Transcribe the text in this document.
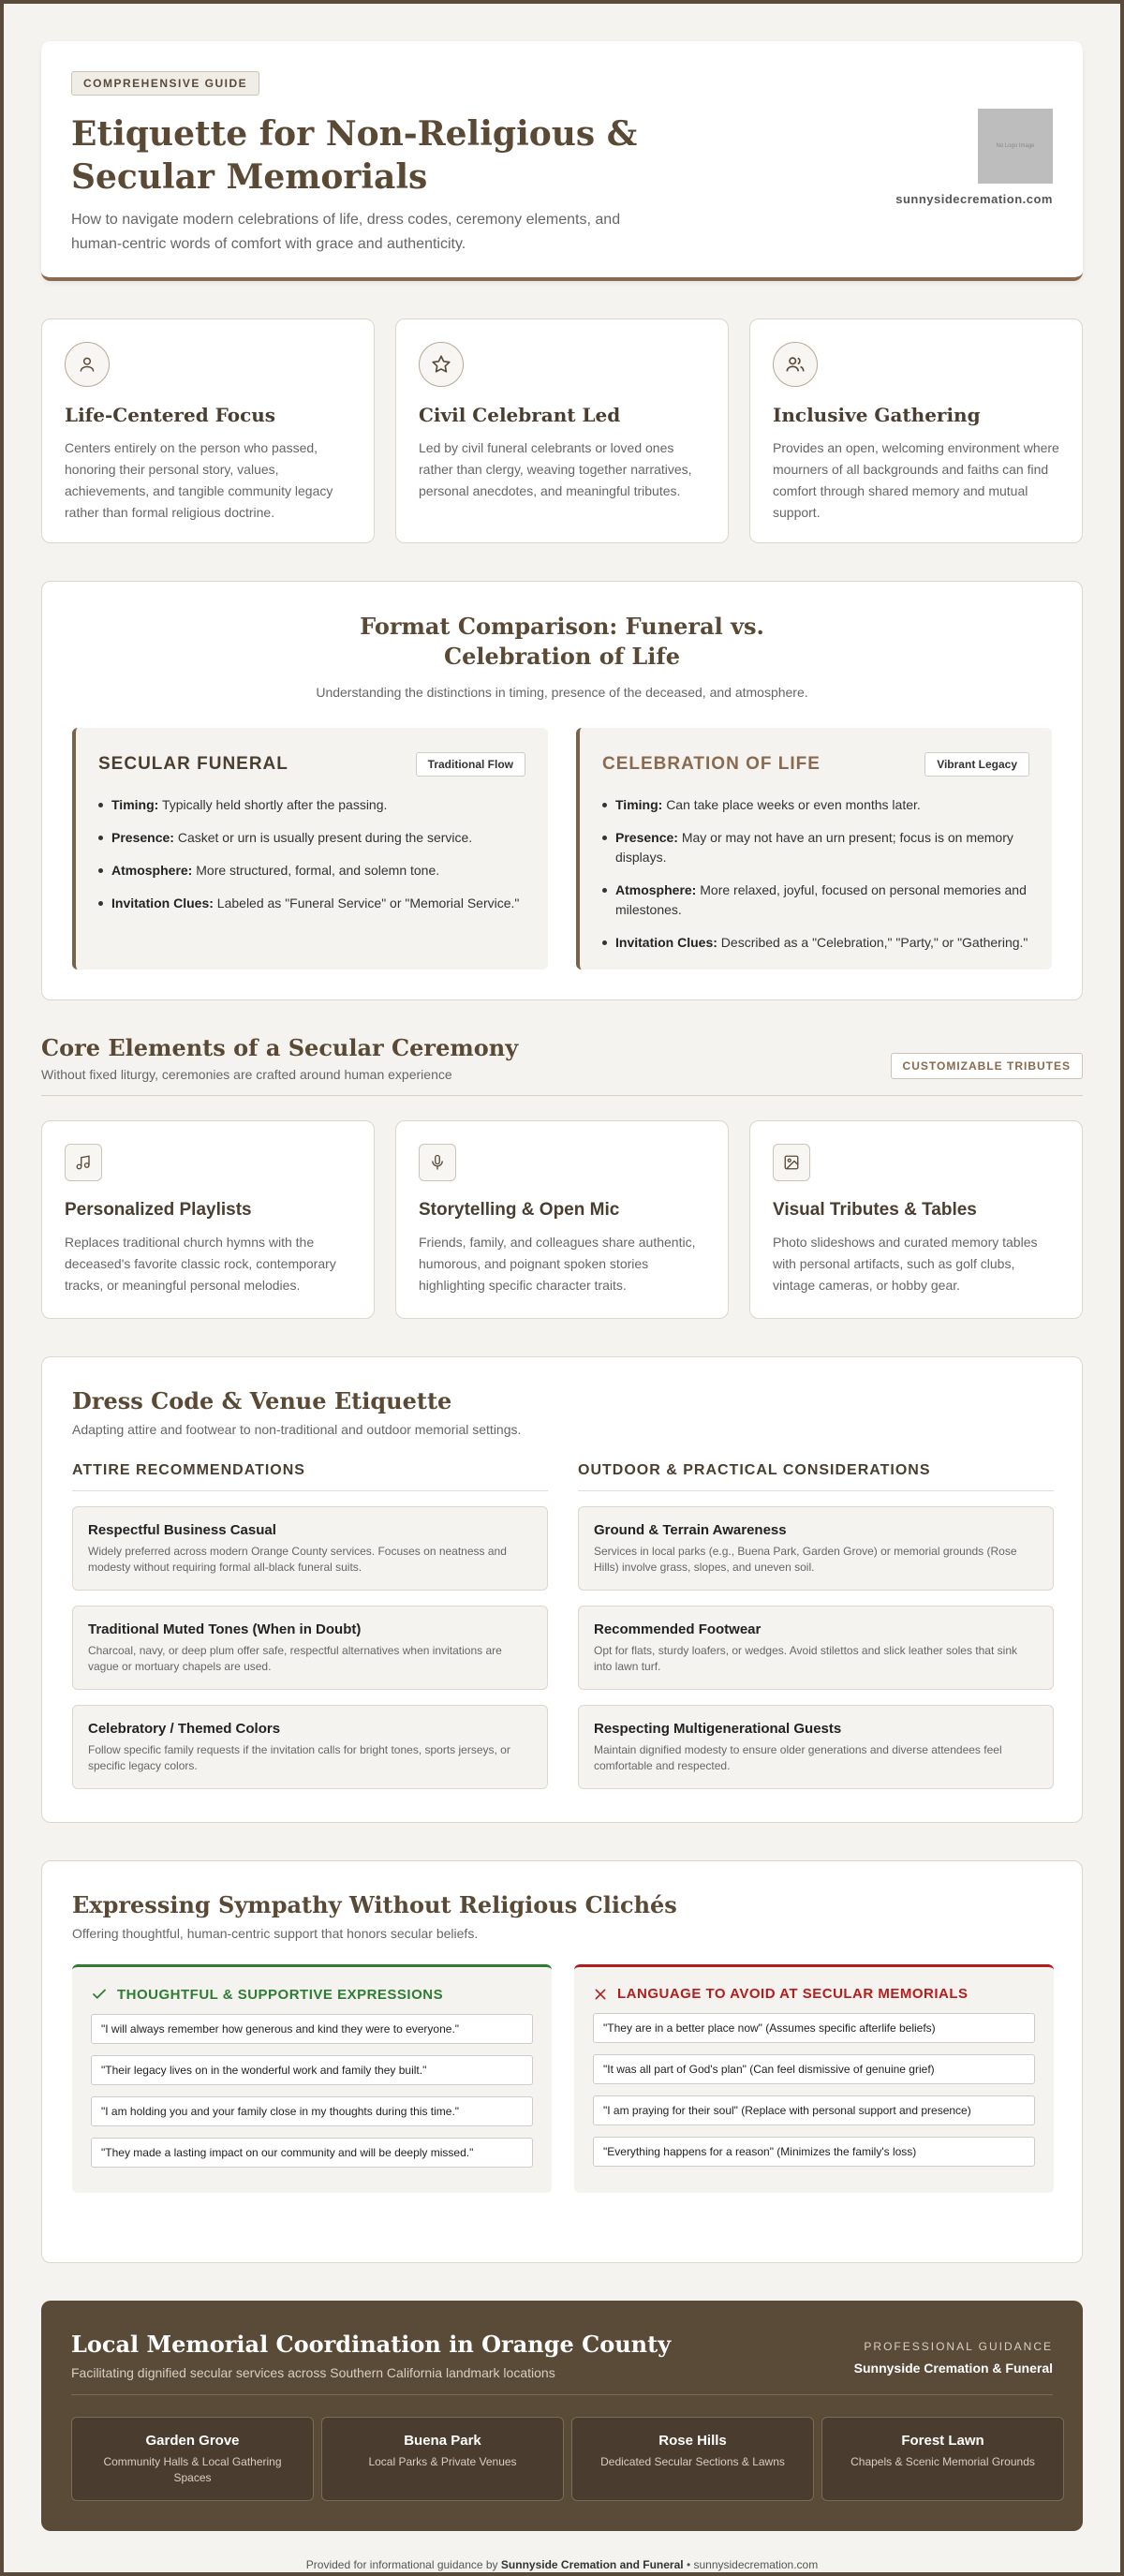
COMPREHENSIVE GUIDE
Etiquette for Non-Religious & Secular Memorials

How to navigate modern celebrations of life, dress codes, ceremony elements, and human-centric words of comfort with grace and authenticity.

No Logo Image
sunnysidecremation.com
Life-Centered Focus

Centers entirely on the person who passed, honoring their personal story, values, achievements, and tangible community legacy rather than formal religious doctrine.

Civil Celebrant Led

Led by civil funeral celebrants or loved ones rather than clergy, weaving together narratives, personal anecdotes, and meaningful tributes.

Inclusive Gathering

Provides an open, welcoming environment where mourners of all backgrounds and faiths can find comfort through shared memory and mutual support.

Format Comparison: Funeral vs. Celebration of Life

Understanding the distinctions in timing, presence of the deceased, and atmosphere.

SECULAR FUNERAL	Traditional Flow
Timing: Typically held shortly after the passing.
Presence: Casket or urn is usually present during the service.
Atmosphere: More structured, formal, and solemn tone.
Invitation Clues: Labeled as "Funeral Service" or "Memorial Service."
CELEBRATION OF LIFE	Vibrant Legacy
Timing: Can take place weeks or even months later.
Presence: May or may not have an urn present; focus is on memory displays.
Atmosphere: More relaxed, joyful, focused on personal memories and milestones.
Invitation Clues: Described as a "Celebration," "Party," or "Gathering."
Core Elements of a Secular Ceremony

Without fixed liturgy, ceremonies are crafted around human experience

CUSTOMIZABLE TRIBUTES
Personalized Playlists

Replaces traditional church hymns with the deceased's favorite classic rock, contemporary tracks, or meaningful personal melodies.

Storytelling & Open Mic

Friends, family, and colleagues share authentic, humorous, and poignant spoken stories highlighting specific character traits.

Visual Tributes & Tables

Photo slideshows and curated memory tables with personal artifacts, such as golf clubs, vintage cameras, or hobby gear.

Dress Code & Venue Etiquette

Adapting attire and footwear to non-traditional and outdoor memorial settings.

ATTIRE RECOMMENDATIONS
Respectful Business Casual
Widely preferred across modern Orange County services. Focuses on neatness and modesty without requiring formal all-black funeral suits.
Traditional Muted Tones (When in Doubt)
Charcoal, navy, or deep plum offer safe, respectful alternatives when invitations are vague or mortuary chapels are used.
Celebratory / Themed Colors
Follow specific family requests if the invitation calls for bright tones, sports jerseys, or specific legacy colors.
OUTDOOR & PRACTICAL CONSIDERATIONS
Ground & Terrain Awareness
Services in local parks (e.g., Buena Park, Garden Grove) or memorial grounds (Rose Hills) involve grass, slopes, and uneven soil.
Recommended Footwear
Opt for flats, sturdy loafers, or wedges. Avoid stilettos and slick leather soles that sink into lawn turf.
Respecting Multigenerational Guests
Maintain dignified modesty to ensure older generations and diverse attendees feel comfortable and respected.
Expressing Sympathy Without Religious Clichés

Offering thoughtful, human-centric support that honors secular beliefs.

THOUGHTFUL & SUPPORTIVE EXPRESSIONS
"I will always remember how generous and kind they were to everyone."
"Their legacy lives on in the wonderful work and family they built."
"I am holding you and your family close in my thoughts during this time."
"They made a lasting impact on our community and will be deeply missed."
LANGUAGE TO AVOID AT SECULAR MEMORIALS
"They are in a better place now" (Assumes specific afterlife beliefs)
"It was all part of God's plan" (Can feel dismissive of genuine grief)
"I am praying for their soul" (Replace with personal support and presence)
"Everything happens for a reason" (Minimizes the family's loss)
Local Memorial Coordination in Orange County

Facilitating dignified secular services across Southern California landmark locations

PROFESSIONAL GUIDANCE
Sunnyside Cremation & Funeral
Garden Grove
Community Halls & Local Gathering Spaces
Buena Park
Local Parks & Private Venues
Rose Hills
Dedicated Secular Sections & Lawns
Forest Lawn
Chapels & Scenic Memorial Grounds
Provided for informational guidance by Sunnyside Cremation and Funeral • sunnysidecremation.com
